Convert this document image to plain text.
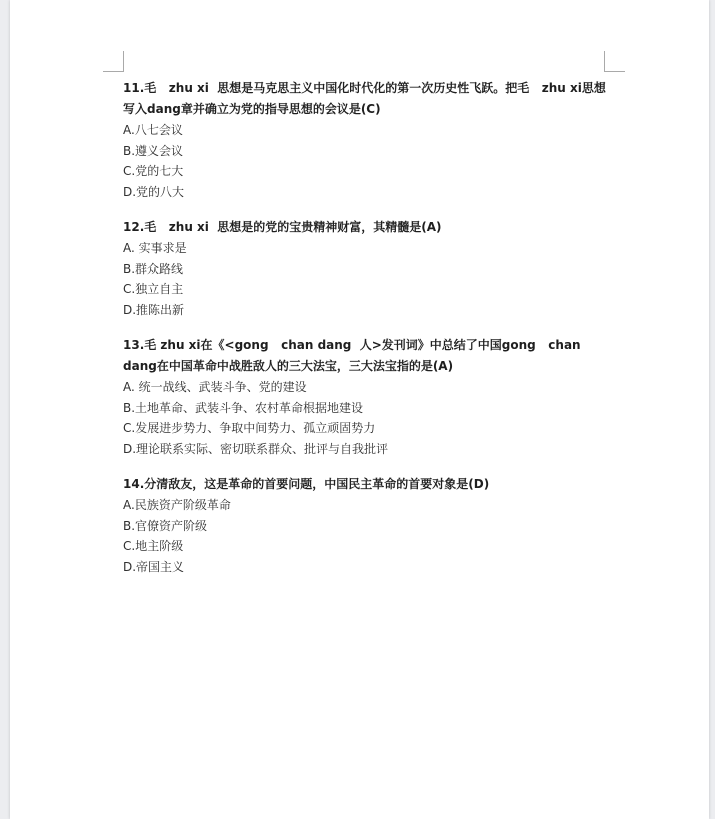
11.毛   zhu xi  思想是马克思主义中国化时代化的第一次历史性飞跃。把毛   zhu xi思想写入dang章并确立为党的指导思想的会议是(C)

A.八七会议

B.遵义会议

C.党的七大

D.党的八大

12.毛   zhu xi  思想是的党的宝贵精神财富，其精髓是(A)

A. 实事求是

B.群众路线

C.独立自主

D.推陈出新

13.毛 zhu xi在《<gong   chan dang  人>发刊词》中总结了中国gong   chan dang在中国革命中战胜敌人的三大法宝，三大法宝指的是(A)

A. 统一战线、武装斗争、党的建设

B.土地革命、武装斗争、农村革命根据地建设

C.发展进步势力、争取中间势力、孤立顽固势力

D.理论联系实际、密切联系群众、批评与自我批评

14.分清敌友，这是革命的首要问题，中国民主革命的首要对象是(D)

A.民族资产阶级革命

B.官僚资产阶级

C.地主阶级

D.帝国主义
